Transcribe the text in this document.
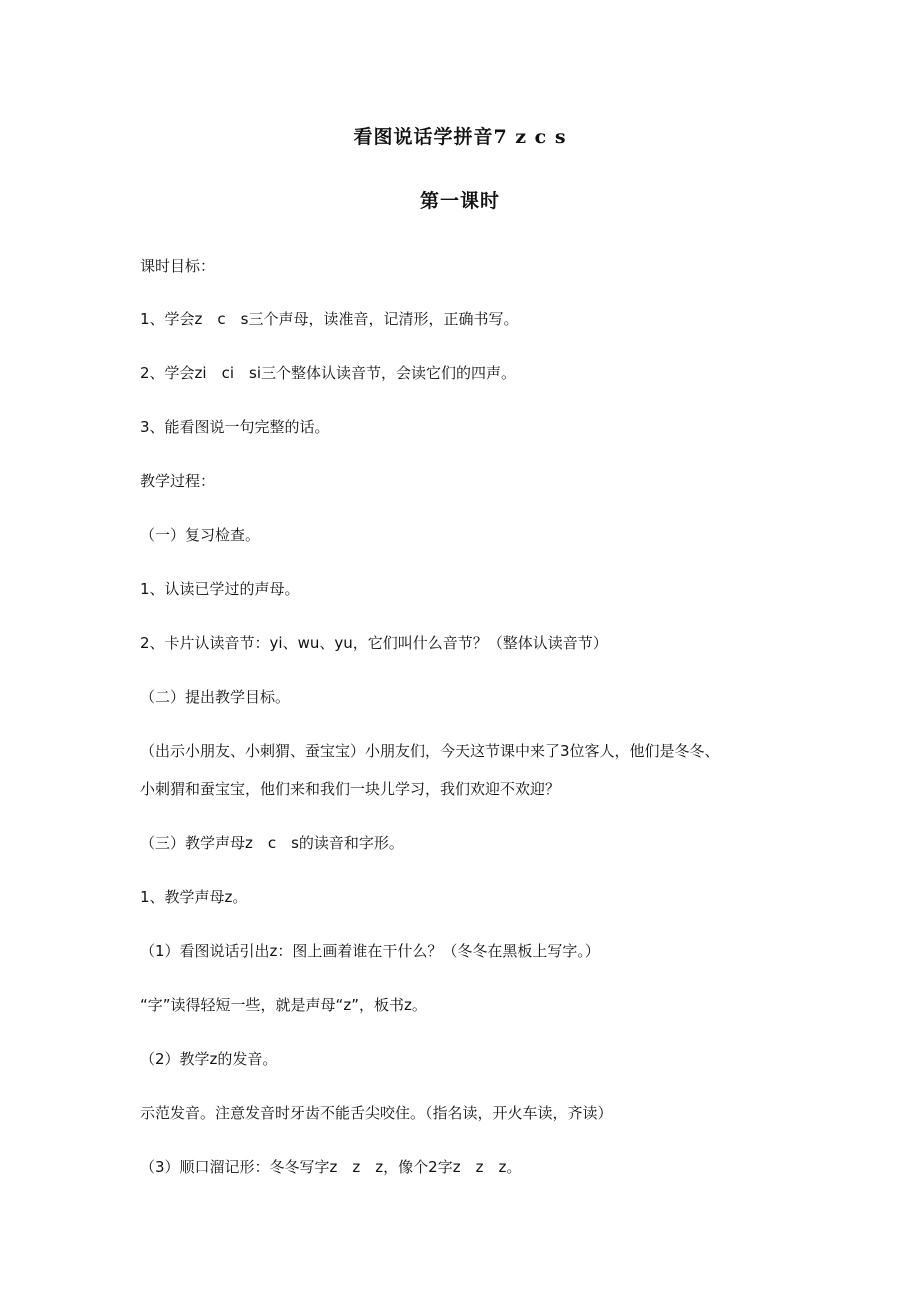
看图说话学拼音7 z c s
第一课时
课时目标：
1、学会z　c　s三个声母，读准音，记清形，正确书写。
2、学会zi　ci　si三个整体认读音节，会读它们的四声。
3、能看图说一句完整的话。
教学过程：
（一）复习检查。
1、认读已学过的声母。
2、卡片认读音节：yi、wu、yu，它们叫什么音节？（整体认读音节）
（二）提出教学目标。
（出示小朋友、小刺猬、蚕宝宝）小朋友们，今天这节课中来了3位客人，他们是冬冬、
小刺猬和蚕宝宝，他们来和我们一块儿学习，我们欢迎不欢迎？
（三）教学声母z　c　s的读音和字形。
1、教学声母z。
（1）看图说话引出z：图上画着谁在干什么？（冬冬在黑板上写字。）
“字”读得轻短一些，就是声母“z”，板书z。
（2）教学z的发音。
示范发音。注意发音时牙齿不能舌尖咬住。（指名读，开火车读，齐读）
（3）顺口溜记形：冬冬写字z　z　z，像个2字z　z　z。
